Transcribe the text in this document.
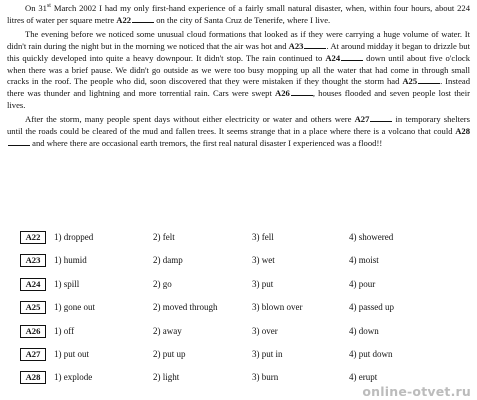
On 31st March 2002 I had my only first-hand experience of a fairly small natural disaster, when, within four hours, about 224 litres of water per square metre A22	on the city of Santa Cruz de Tenerife, where I live.

The evening before we noticed some unusual cloud formations that looked as if they were carrying a huge volume of water. It didn't rain during the night but in the morning we noticed that the air was hot and A23	. At around midday it began to drizzle but this quickly developed into quite a heavy downpour. It didn't stop. The rain continued to A24	down until about five o'clock when there was a brief pause. We didn't go outside as we were too busy mopping up all the water that had come in through small cracks in the roof. The people who did, soon discovered that they were mistaken if they thought the storm had A25	. Instead there was thunder and lightning and more torrential rain. Cars were swept A26	, houses flooded and seven people lost their lives.

After the storm, many people spent days without either electricity or water and others were A27	in temporary shelters until the roads could be cleared of the mud and fallen trees. It seems strange that in a place where there is a volcano that could A28 and where there are occasional earth tremors, the first real natural disaster I experienced was a flood!!

A22	1) dropped	2) felt	3) fell	4) showered
A23	1) humid	2) damp	3) wet	4) moist
A24	1) spill	2) go	3) put	4) pour
A25	1) gone out	2) moved through	3) blown over	4) passed up
A26	1) off	2) away	3) over	4) down
A27	1) put out	2) put up	3) put in	4) put down
A28	1) explode	2) light	3) burn	4) erupt
online-otvet.ru
